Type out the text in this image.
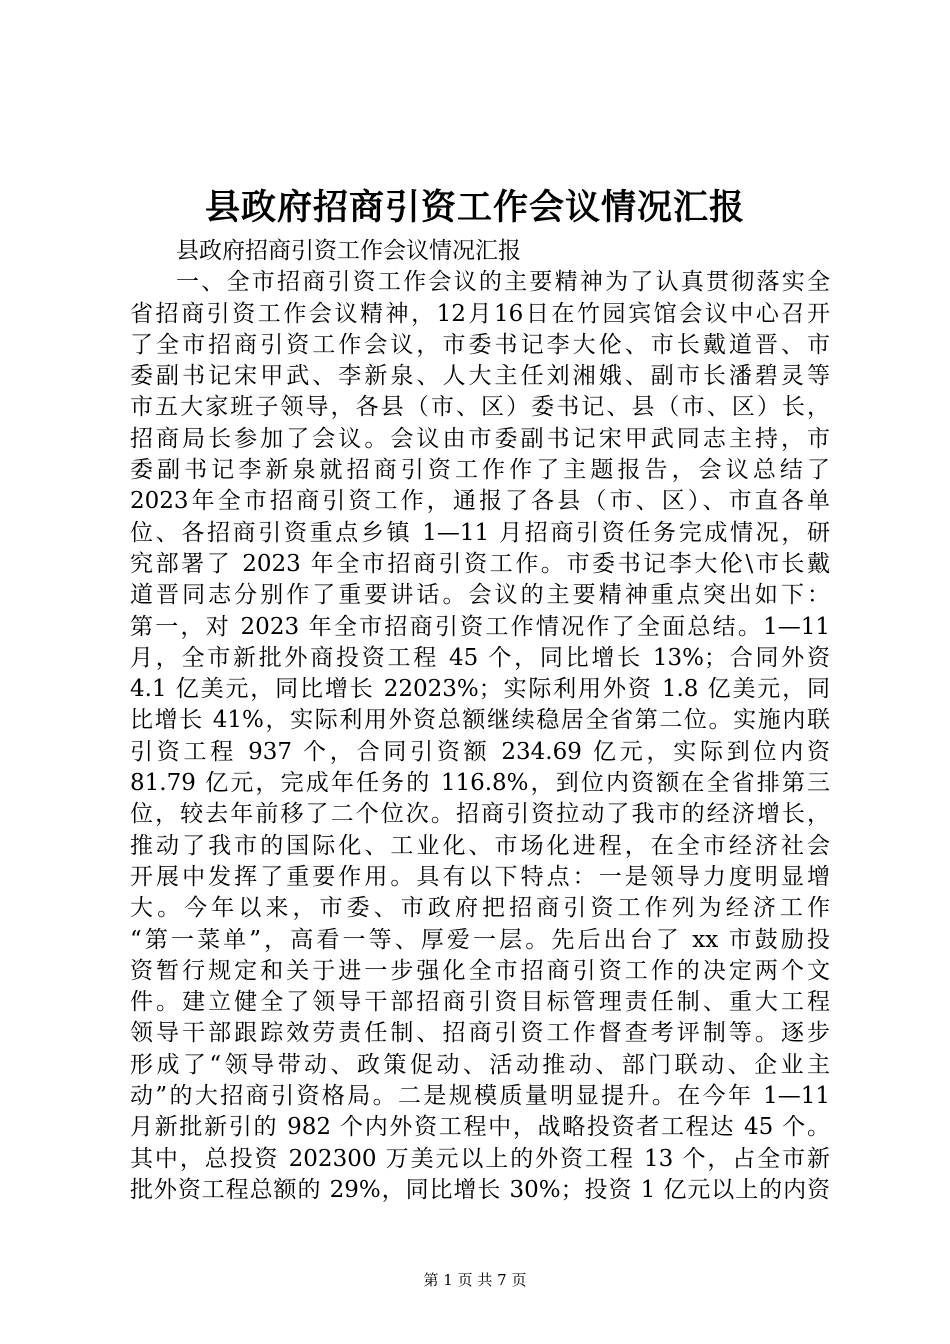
县政府招商引资工作会议情况汇报
县政府招商引资工作会议情况汇报
一、全市招商引资工作会议的主要精神为了认真贯彻落实全
省招商引资工作会议精神，12月16日在竹园宾馆会议中心召开
了全市招商引资工作会议，市委书记李大伦、市长戴道晋、市
委副书记宋甲武、李新泉、人大主任刘湘娥、副市长潘碧灵等
市五大家班子领导，各县（市、区）委书记、县（市、区）长，
招商局长参加了会议。会议由市委副书记宋甲武同志主持，市
委副书记李新泉就招商引资工作作了主题报告，会议总结了
2023年全市招商引资工作，通报了各县（市、区）、市直各单
位、各招商引资重点乡镇 1—11 月招商引资任务完成情况，研
究部署了 2023 年全市招商引资工作。市委书记李大伦\市长戴
道晋同志分别作了重要讲话。会议的主要精神重点突出如下：
第一，对 2023 年全市招商引资工作情况作了全面总结。1—11
月，全市新批外商投资工程 45 个，同比增长 13%；合同外资
4.1 亿美元，同比增长 22023%；实际利用外资 1.8 亿美元，同
比增长 41%，实际利用外资总额继续稳居全省第二位。实施内联
引资工程 937 个，合同引资额 234.69 亿元，实际到位内资
81.79 亿元，完成年任务的 116.8%，到位内资额在全省排第三
位，较去年前移了二个位次。招商引资拉动了我市的经济增长，
推动了我市的国际化、工业化、市场化进程，在全市经济社会
开展中发挥了重要作用。具有以下特点：一是领导力度明显增
大。今年以来，市委、市政府把招商引资工作列为经济工作
“第一菜单”，高看一等、厚爱一层。先后出台了 xx 市鼓励投
资暂行规定和关于进一步强化全市招商引资工作的决定两个文
件。建立健全了领导干部招商引资目标管理责任制、重大工程
领导干部跟踪效劳责任制、招商引资工作督查考评制等。逐步
形成了“领导带动、政策促动、活动推动、部门联动、企业主
动”的大招商引资格局。二是规模质量明显提升。在今年 1—11
月新批新引的 982 个内外资工程中，战略投资者工程达 45 个。
其中，总投资 202300 万美元以上的外资工程 13 个，占全市新
批外资工程总额的 29%，同比增长 30%；投资 1 亿元以上的内资
第 1 页 共 7 页
